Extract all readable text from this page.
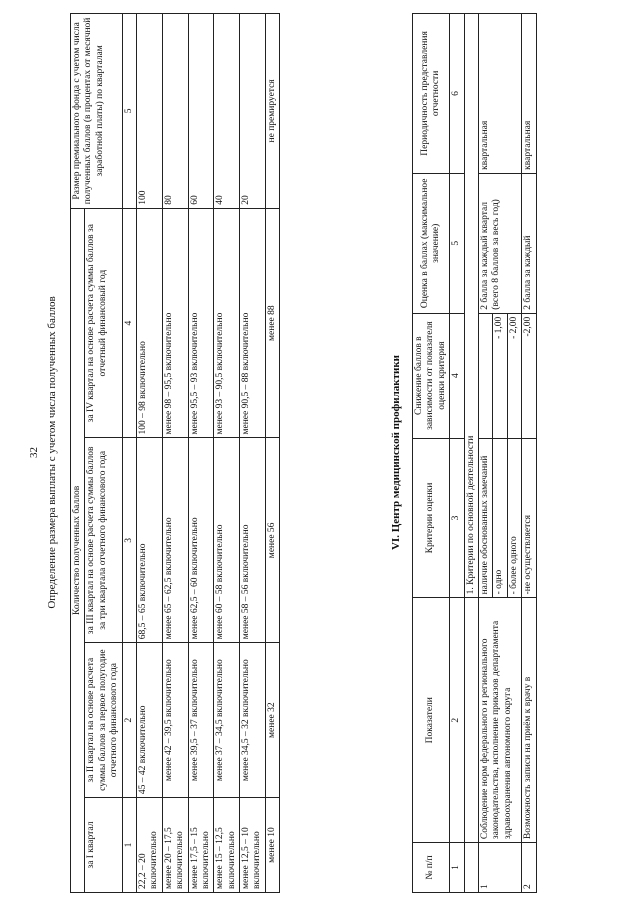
32 Определение размера выплаты с учетом числа полученных баллов Количество полученных баллов				Размер премиального фонда с учетом числа полученных баллов (в процентах от месячной заработной платы) по кварталам
за I квартал	за II квартал на основе расчета суммы баллов за первое полугодие отчетного финансового года	за III квартал на основе расчета суммы баллов за три квартала отчетного финансового года	за IV квартал на основе расчета суммы баллов за отчетный финансовый год	
1	2	3	4	5
22,2 – 20 включительно	45 – 42 включительно	68,5 – 65 включительно	100 – 98 включительно	100
менее 20 – 17,5 включительно	менее 42 – 39,5 включительно	менее 65 – 62,5 включительно	менее 98 – 95,5 включительно	80
менее 17,5 – 15 включительно	менее 39,5 – 37 включительно	менее 62,5 – 60 включительно	менее 95,5 – 93 включительно	60
менее 15 – 12,5 включительно	менее 37 – 34,5 включительно	менее 60 – 58 включительно	менее 93 – 90,5 включительно	40
менее 12,5 – 10 включительно	менее 34,5 – 32 включительно	менее 58 – 56 включительно	менее 90,5 – 88 включительно	20
менее 10	менее 32	менее 56	менее 88	не премируется
VI. Центр медицинской профилактики
№ п/п	Показатели	Критерии оценки	Снижение баллов в зависимости от показателя оценки критерия	Оценка в баллах (максимальное значение)	Периодичность представления отчетности
1	2	3	4	5	6
		1. Критерии по основной деятельности			
1	Соблюдение норм федерального и регионального законодательства, исполнение приказов департамента здравоохранения автономного округа	наличие обоснованных замечаний		2 балла за каждый квартал (всего 8 баллов за весь год)	квартальная
		- одно	- 1,00		
		- более одного	- 2,00		
2	Возможность записи на приём к врачу в	-не осуществляется	-2,00	2 балла за каждый	квартальная
